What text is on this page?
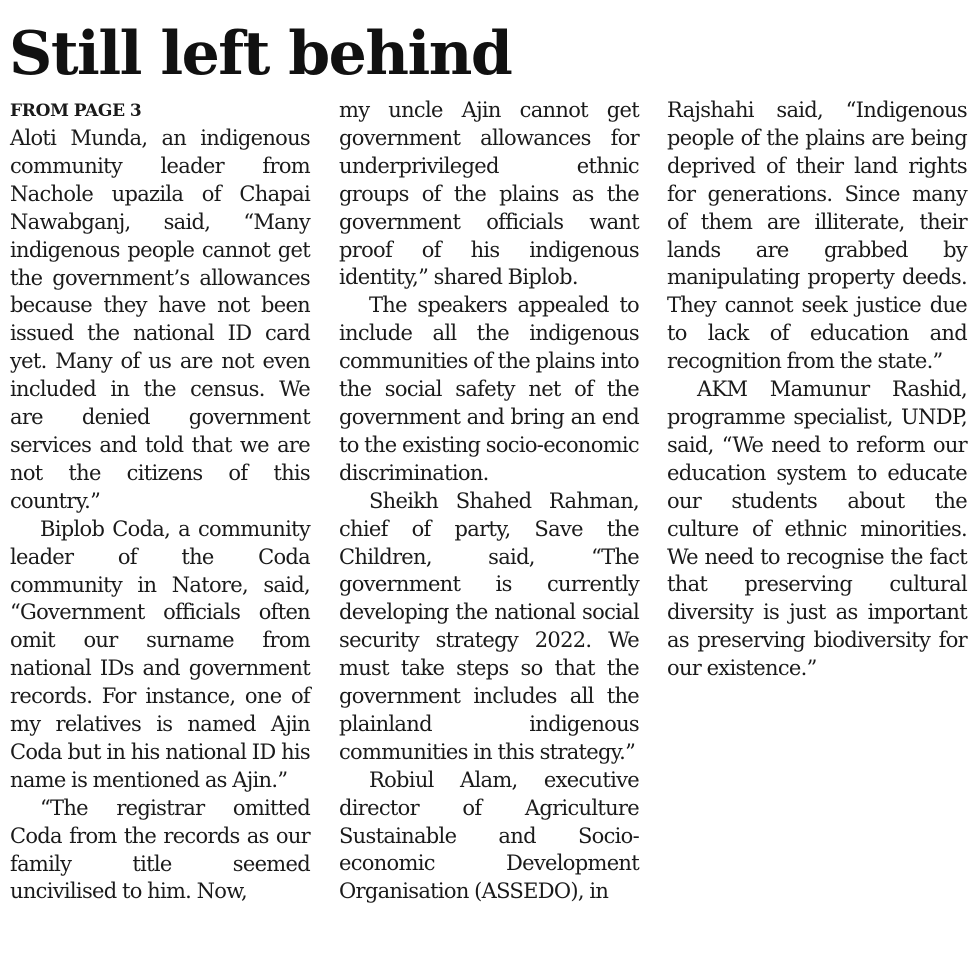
Still left behind
FROM PAGE 3

Aloti Munda, an indigenous community leader from Nachole upazila of Chapai Nawabganj, said, “Many indigenous people cannot get the government’s allowances because they have not been issued the national ID card yet. Many of us are not even included in the census. We are denied government services and told that we are not the citizens of this country.”

Biplob Coda, a community leader of the Coda community in Natore, said, “Government officials often omit our surname from national IDs and government records. For instance, one of my relatives is named Ajin Coda but in his national ID his name is mentioned as Ajin.”

“The registrar omitted Coda from the records as our family title seemed uncivilised to him. Now,

my uncle Ajin cannot get government allowances for underprivileged ethnic groups of the plains as the government officials want proof of his indigenous identity,” shared Biplob.

The speakers appealed to include all the indigenous communities of the plains into the social safety net of the government and bring an end to the existing socio-economic discrimination.

Sheikh Shahed Rahman, chief of party, Save the Children, said, “The government is currently developing the national social security strategy 2022. We must take steps so that the government includes all the plainland indigenous communities in this strategy.”

Robiul Alam, executive director of Agriculture Sustainable and Socio-economic Development Organisation (ASSEDO), in

Rajshahi said, “Indigenous people of the plains are being deprived of their land rights for generations. Since many of them are illiterate, their lands are grabbed by manipulating property deeds. They cannot seek justice due to lack of education and recognition from the state.”

AKM Mamunur Rashid, programme specialist, UNDP, said, “We need to reform our education system to educate our students about the culture of ethnic minorities. We need to recognise the fact that preserving cultural diversity is just as important as preserving biodiversity for our existence.”
